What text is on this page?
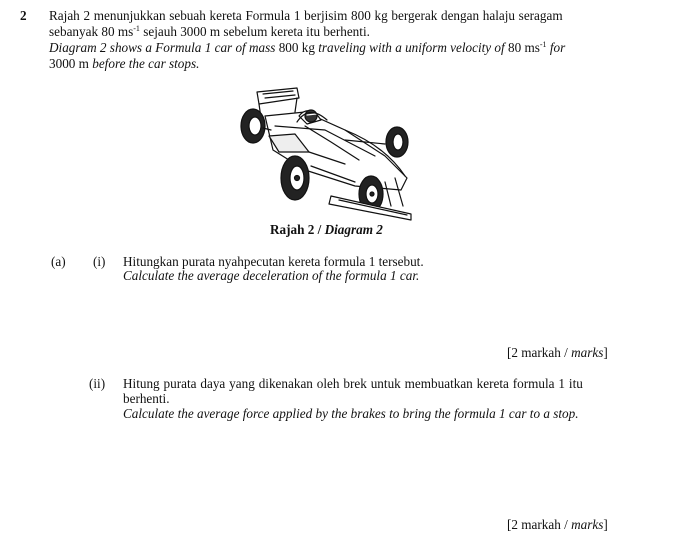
2 Rajah 2 menunjukkan sebuah kereta Formula 1 berjisim 800 kg bergerak dengan halaju seragam
sebanyak 80 $ms^{-1}$ sejauh 3000 m sebelum kereta itu berhenti.
Diagram 2 shows a Formula 1 car of mass 800 kg traveling with a uniform velocity of 80 $ms^{-1}$ for
3000 m before the car stops.
Rajah 2 / Diagram 2
(a) (i) Hitungkan purata nyahpecutan kereta formula 1 tersebut.
Calculate the average deceleration of the formula 1 car.
[2 markah / marks]
(ii) Hitung purata daya yang dikenakan oleh brek untuk membuatkan kereta formula 1 itu
berhenti.
Calculate the average force applied by the brakes to bring the formula 1 car to a stop.
[2 markah / marks]
